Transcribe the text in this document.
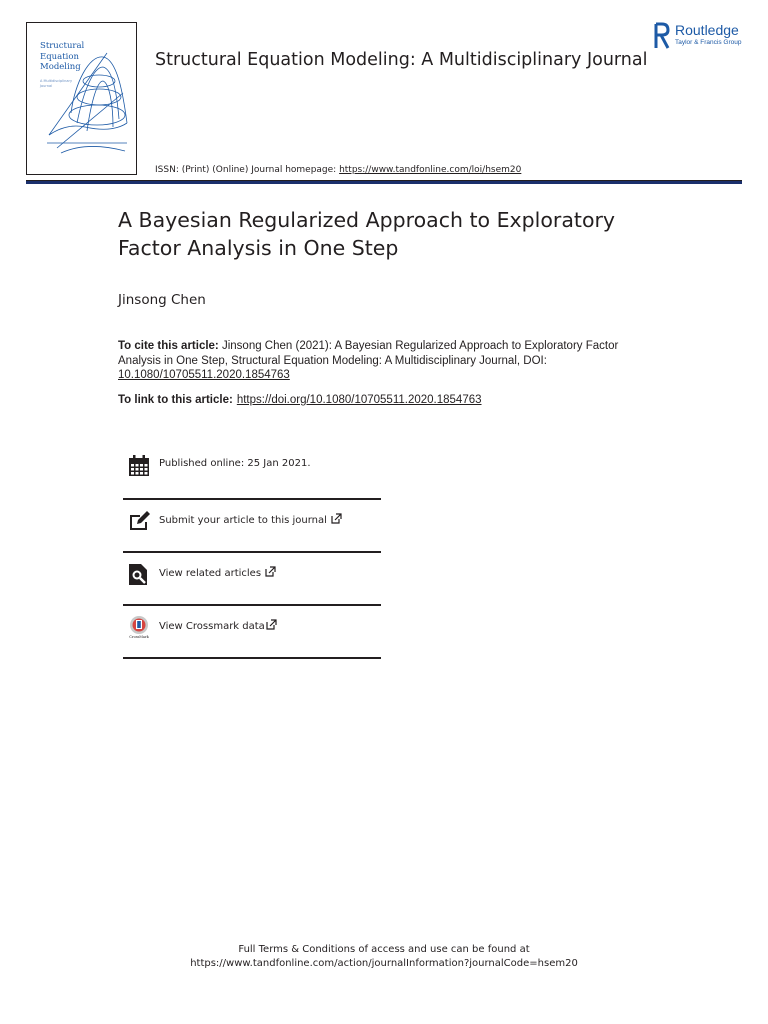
Structural
Equation
Modeling
A Multidisciplinary
Journal
Structural Equation Modeling: A Multidisciplinary Journal
Routledge
Taylor & Francis Group
ISSN: (Print) (Online) Journal homepage: https://www.tandfonline.com/loi/hsem20
A Bayesian Regularized Approach to Exploratory
Factor Analysis in One Step
Jinsong Chen
To cite this article: Jinsong Chen (2021): A Bayesian Regularized Approach to Exploratory Factor Analysis in One Step, Structural Equation Modeling: A Multidisciplinary Journal, DOI: 10.1080/10705511.2020.1854763
To link to this article: https://doi.org/10.1080/10705511.2020.1854763
Published online: 25 Jan 2021.
Submit your article to this journal
View related articles
CrossMark
View Crossmark data
Full Terms & Conditions of access and use can be found at
https://www.tandfonline.com/action/journalInformation?journalCode=hsem20
